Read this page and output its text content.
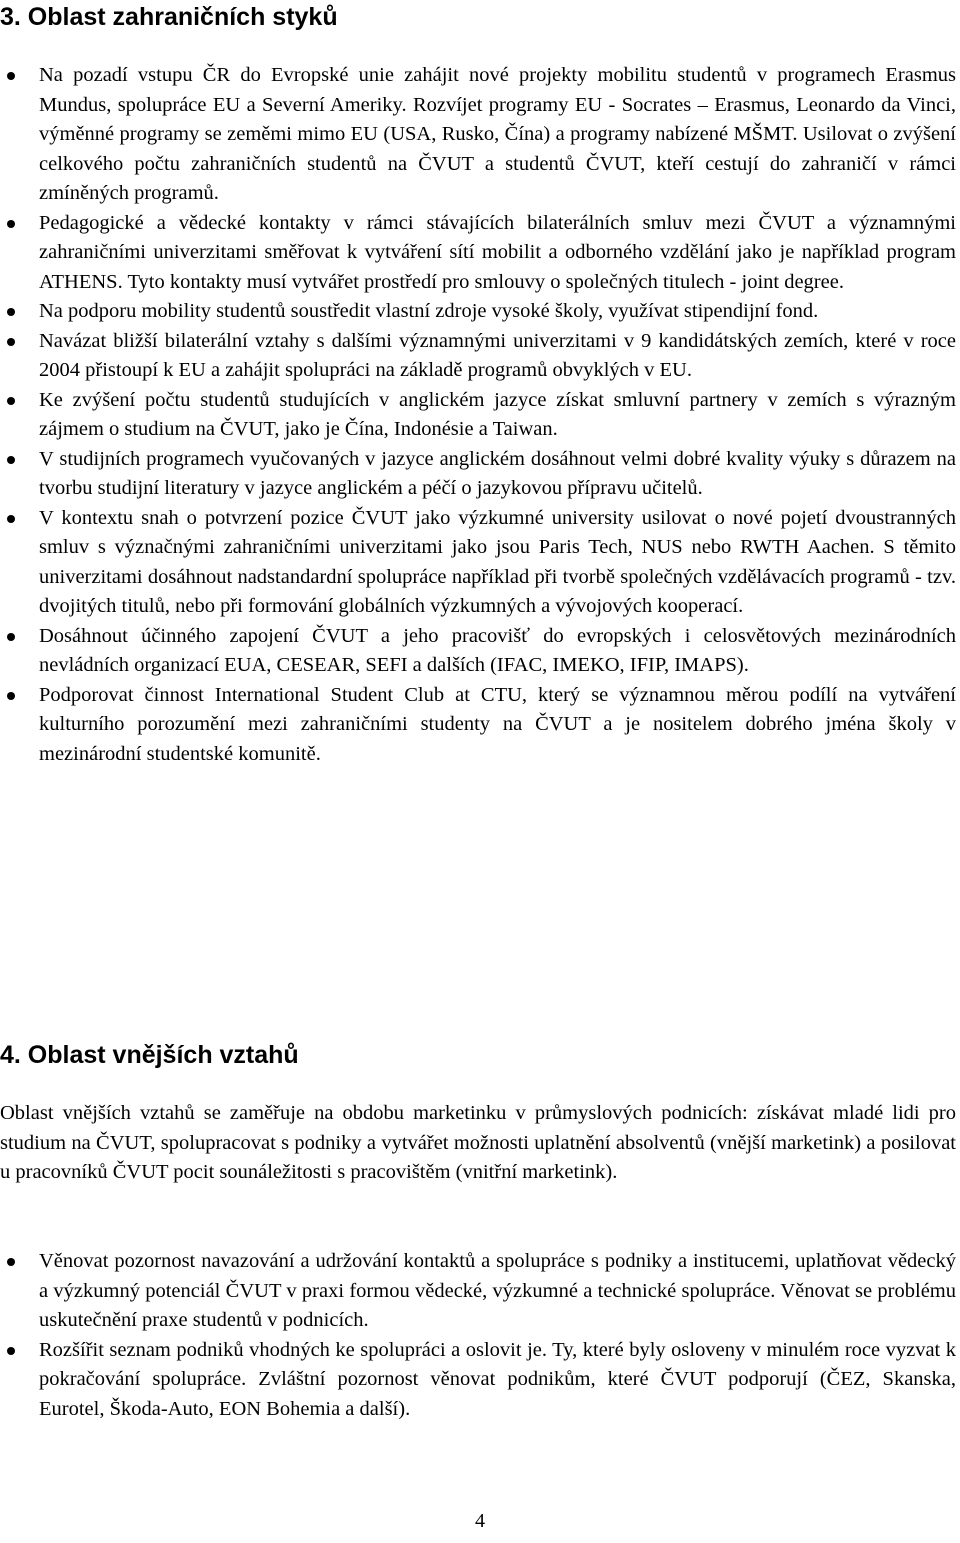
3. Oblast zahraničních styků
Na pozadí vstupu ČR do Evropské unie zahájit nové projekty mobilitu studentů v programech Erasmus Mundus, spolupráce EU a Severní Ameriky. Rozvíjet programy EU - Socrates – Erasmus, Leonardo da Vinci, výměnné programy se zeměmi mimo EU (USA, Rusko, Čína) a programy nabízené MŠMT. Usilovat o zvýšení celkového počtu zahraničních studentů na ČVUT a studentů ČVUT, kteří cestují do zahraničí v rámci zmíněných programů.
Pedagogické a vědecké kontakty v rámci stávajících bilaterálních smluv mezi ČVUT a významnými zahraničními univerzitami směřovat k vytváření sítí mobilit a odborného vzdělání jako je například program ATHENS. Tyto kontakty musí vytvářet prostředí pro smlouvy o společných titulech - joint degree.
Na podporu mobility studentů soustředit vlastní zdroje vysoké školy, využívat stipendijní fond.
Navázat bližší bilaterální vztahy s dalšími významnými univerzitami v 9 kandidátských zemích, které v roce 2004 přistoupí k EU a zahájit spolupráci na základě programů obvyklých v EU.
Ke zvýšení počtu studentů studujících v anglickém jazyce získat smluvní partnery v zemích s výrazným zájmem o studium na ČVUT, jako je Čína, Indonésie a Taiwan.
V studijních programech vyučovaných v jazyce anglickém dosáhnout velmi dobré kvality výuky s důrazem na tvorbu studijní literatury v jazyce anglickém a péčí o jazykovou přípravu učitelů.
V kontextu snah o potvrzení pozice ČVUT jako výzkumné university usilovat o nové pojetí dvoustranných smluv s význačnými zahraničními univerzitami jako jsou Paris Tech, NUS nebo RWTH Aachen. S těmito univerzitami dosáhnout nadstandardní spolupráce například při tvorbě společných vzdělávacích programů - tzv. dvojitých titulů, nebo při formování globálních výzkumných a vývojových kooperací.
Dosáhnout účinného zapojení ČVUT a jeho pracovišť do evropských i celosvětových mezinárodních nevládních organizací EUA, CESEAR, SEFI a dalších (IFAC, IMEKO, IFIP, IMAPS).
Podporovat činnost International Student Club at CTU, který se významnou měrou podílí na vytváření kulturního porozumění mezi zahraničními studenty na ČVUT a je nositelem dobrého jména školy v mezinárodní studentské komunitě.
4. Oblast vnějších vztahů

Oblast vnějších vztahů se zaměřuje na obdobu marketinku v průmyslových podnicích: získávat mladé lidi pro studium na ČVUT, spolupracovat s podniky a vytvářet možnosti uplatnění absolventů (vnější marketink) a posilovat u pracovníků ČVUT pocit sounáležitosti s pracovištěm (vnitřní marketink).

Věnovat pozornost navazování a udržování kontaktů a spolupráce s podniky a institucemi, uplatňovat vědecký a výzkumný potenciál ČVUT v praxi formou vědecké, výzkumné a technické spolupráce. Věnovat se problému uskutečnění praxe studentů v podnicích.
Rozšířit seznam podniků vhodných ke spolupráci a oslovit je. Ty, které byly osloveny v minulém roce vyzvat k pokračování spolupráce. Zvláštní pozornost věnovat podnikům, které ČVUT podporují (ČEZ, Skanska, Eurotel, Škoda-Auto, EON Bohemia a další).
4
